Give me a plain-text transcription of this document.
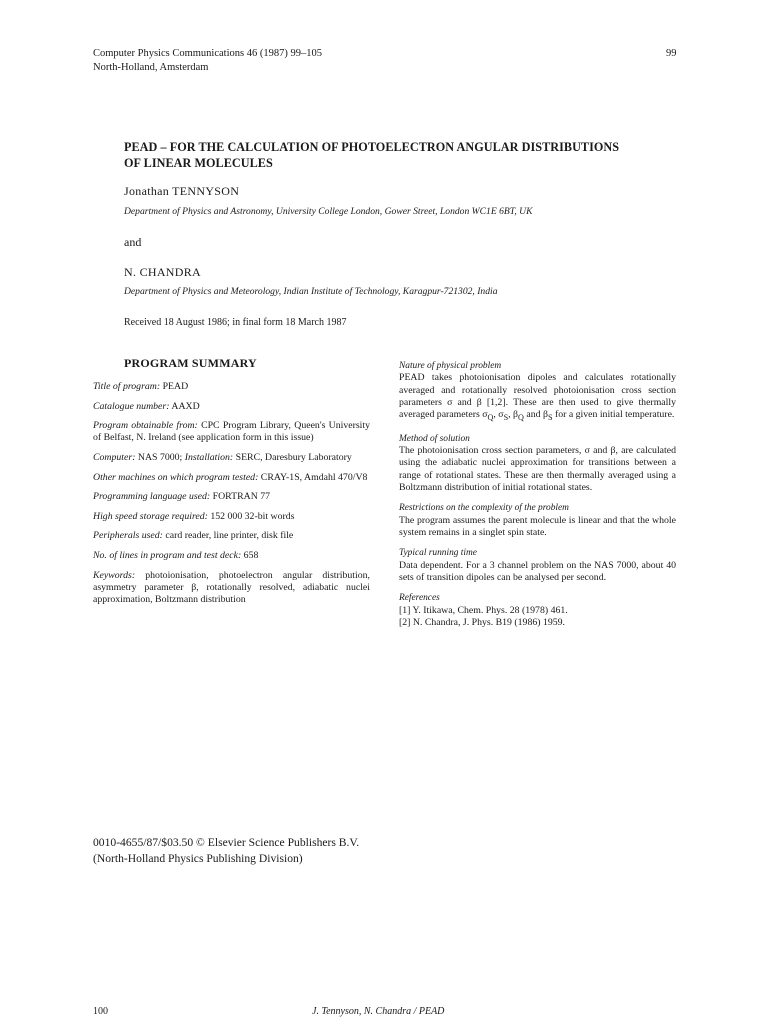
Computer Physics Communications 46 (1987) 99–105
North-Holland, Amsterdam
99
PEAD – FOR THE CALCULATION OF PHOTOELECTRON ANGULAR DISTRIBUTIONS
OF LINEAR MOLECULES
Jonathan TENNYSON
Department of Physics and Astronomy, University College London, Gower Street, London WC1E 6BT, UK
and
N. CHANDRA
Department of Physics and Meteorology, Indian Institute of Technology, Karagpur-721302, India
Received 18 August 1986; in final form 18 March 1987
PROGRAM SUMMARY
Title of program: PEAD
Catalogue number: AAXD
Program obtainable from: CPC Program Library, Queen's University of Belfast, N. Ireland (see application form in this issue)
Computer: NAS 7000; Installation: SERC, Daresbury Laboratory
Other machines on which program tested: CRAY-1S, Amdahl 470/V8
Programming language used: FORTRAN 77
High speed storage required: 152 000 32-bit words
Peripherals used: card reader, line printer, disk file
No. of lines in program and test deck: 658
Keywords: photoionisation, photoelectron angular distribution, asymmetry parameter β, rotationally resolved, adiabatic nuclei approximation, Boltzmann distribution
Nature of physical problem
PEAD takes photoionisation dipoles and calculates rotationally averaged and rotationally resolved photoionisation cross section parameters σ and β [1,2]. These are then used to give thermally averaged parameters $\sigma_Q$, $\sigma_S$, $\beta_Q$ and $\beta_S$ for a given initial temperature.
Method of solution
The photoionisation cross section parameters, σ and β, are calculated using the adiabatic nuclei approximation for transitions between a range of rotational states. These are then thermally averaged using a Boltzmann distribution of initial rotational states.
Restrictions on the complexity of the problem
The program assumes the parent molecule is linear and that the whole system remains in a singlet spin state.
Typical running time
Data dependent. For a 3 channel problem on the NAS 7000, about 40 sets of transition dipoles can be analysed per second.
References
[1] Y. Itikawa, Chem. Phys. 28 (1978) 461.
[2] N. Chandra, J. Phys. B19 (1986) 1959.
0010-4655/87/$03.50 © Elsevier Science Publishers B.V.
(North-Holland Physics Publishing Division)
100	J. Tennyson, N. Chandra / PEAD
